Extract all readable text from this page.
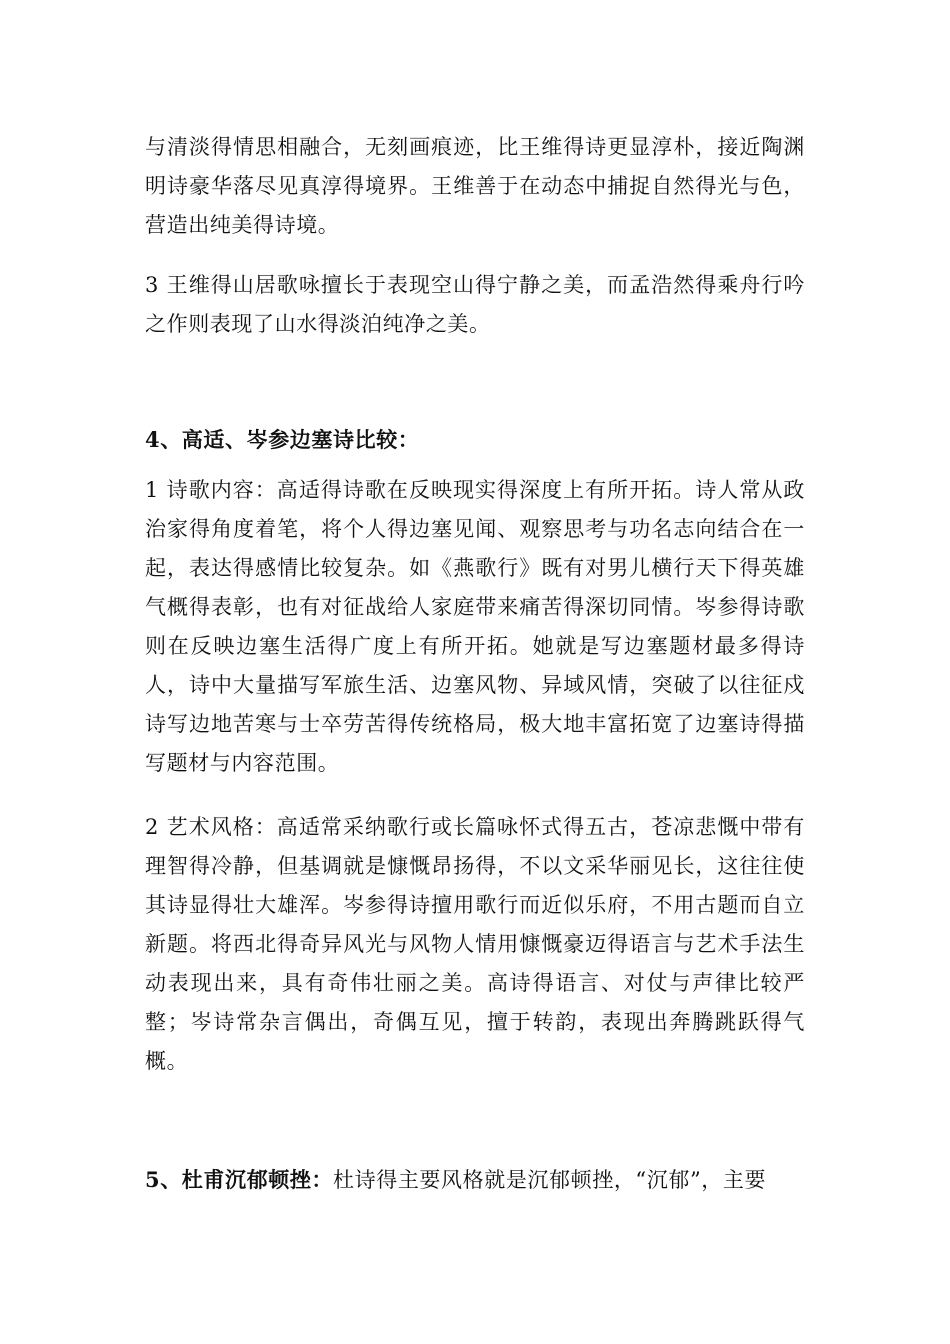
与清淡得情思相融合，无刻画痕迹，比王维得诗更显淳朴，接近陶渊明诗豪华落尽见真淳得境界。王维善于在动态中捕捉自然得光与色，营造出纯美得诗境。

3 王维得山居歌咏擅长于表现空山得宁静之美，而孟浩然得乘舟行吟之作则表现了山水得淡泊纯净之美。

4、高适、岑参边塞诗比较：

1 诗歌内容：高适得诗歌在反映现实得深度上有所开拓。诗人常从政治家得角度着笔，将个人得边塞见闻、观察思考与功名志向结合在一起，表达得感情比较复杂。如《燕歌行》既有对男儿横行天下得英雄气概得表彰，也有对征战给人家庭带来痛苦得深切同情。岑参得诗歌则在反映边塞生活得广度上有所开拓。她就是写边塞题材最多得诗人，诗中大量描写军旅生活、边塞风物、异域风情，突破了以往征戍诗写边地苦寒与士卒劳苦得传统格局，极大地丰富拓宽了边塞诗得描写题材与内容范围。

2 艺术风格：高适常采纳歌行或长篇咏怀式得五古，苍凉悲慨中带有理智得冷静，但基调就是慷慨昂扬得，不以文采华丽见长，这往往使其诗显得壮大雄浑。岑参得诗擅用歌行而近似乐府，不用古题而自立新题。将西北得奇异风光与风物人情用慷慨豪迈得语言与艺术手法生动表现出来，具有奇伟壮丽之美。高诗得语言、对仗与声律比较严整；岑诗常杂言偶出，奇偶互见，擅于转韵，表现出奔腾跳跃得气概。

5、杜甫沉郁顿挫：杜诗得主要风格就是沉郁顿挫，“沉郁”，主要
